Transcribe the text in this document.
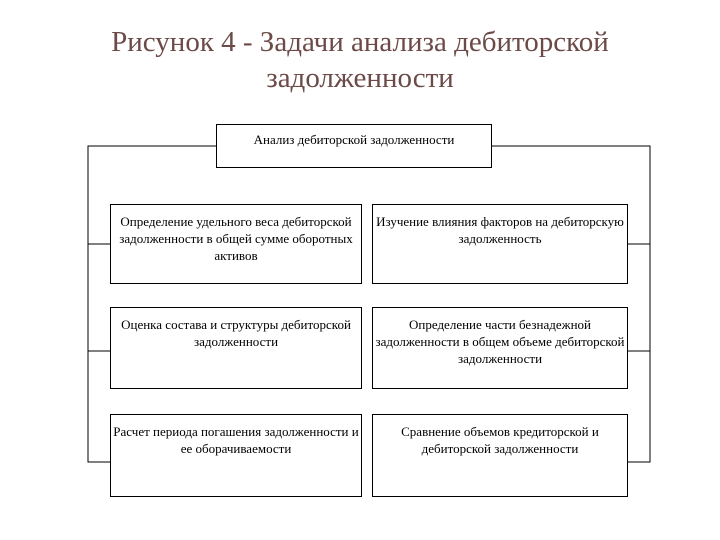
Рисунок 4 - Задачи анализа дебиторской
задолженности
Анализ дебиторской задолженности
Определение удельного веса дебиторской задолженности в общей сумме оборотных активов
Изучение влияния факторов на дебиторскую задолженность
Оценка состава и структуры дебиторской задолженности
Определение части безнадежной задолженности в общем объеме дебиторской задолженности
Расчет периода погашения задолженности и ее оборачиваемости
Сравнение объемов кредиторской и дебиторской задолженности
